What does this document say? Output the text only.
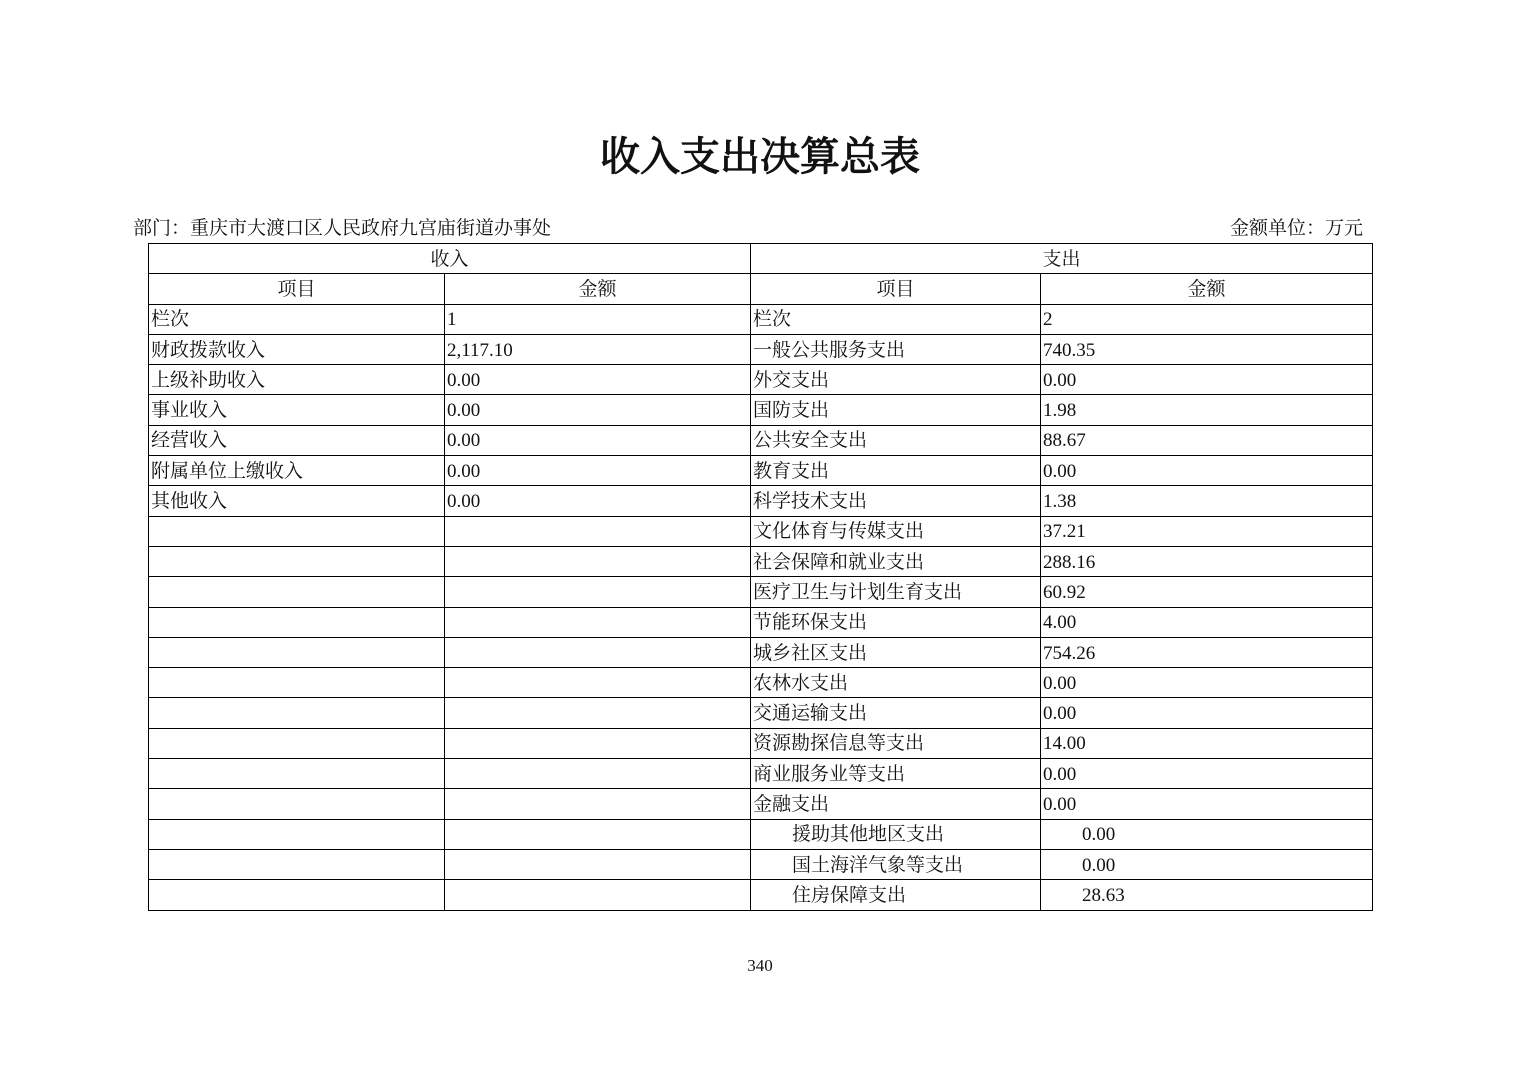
收入支出决算总表
部门：重庆市大渡口区人民政府九宫庙街道办事处	金额单位：万元
收入		支出	
项目	金额	项目	金额
栏次	1	栏次	2
财政拨款收入	2,117.10	一般公共服务支出	740.35
上级补助收入	0.00	外交支出	0.00
事业收入	0.00	国防支出	1.98
经营收入	0.00	公共安全支出	88.67
附属单位上缴收入	0.00	教育支出	0.00
其他收入	0.00	科学技术支出	1.38
		文化体育与传媒支出	37.21
		社会保障和就业支出	288.16
		医疗卫生与计划生育支出	60.92
		节能环保支出	4.00
		城乡社区支出	754.26
		农林水支出	0.00
		交通运输支出	0.00
		资源勘探信息等支出	14.00
		商业服务业等支出	0.00
		金融支出	0.00
		援助其他地区支出	0.00
		国土海洋气象等支出	0.00
		住房保障支出	28.63
340
